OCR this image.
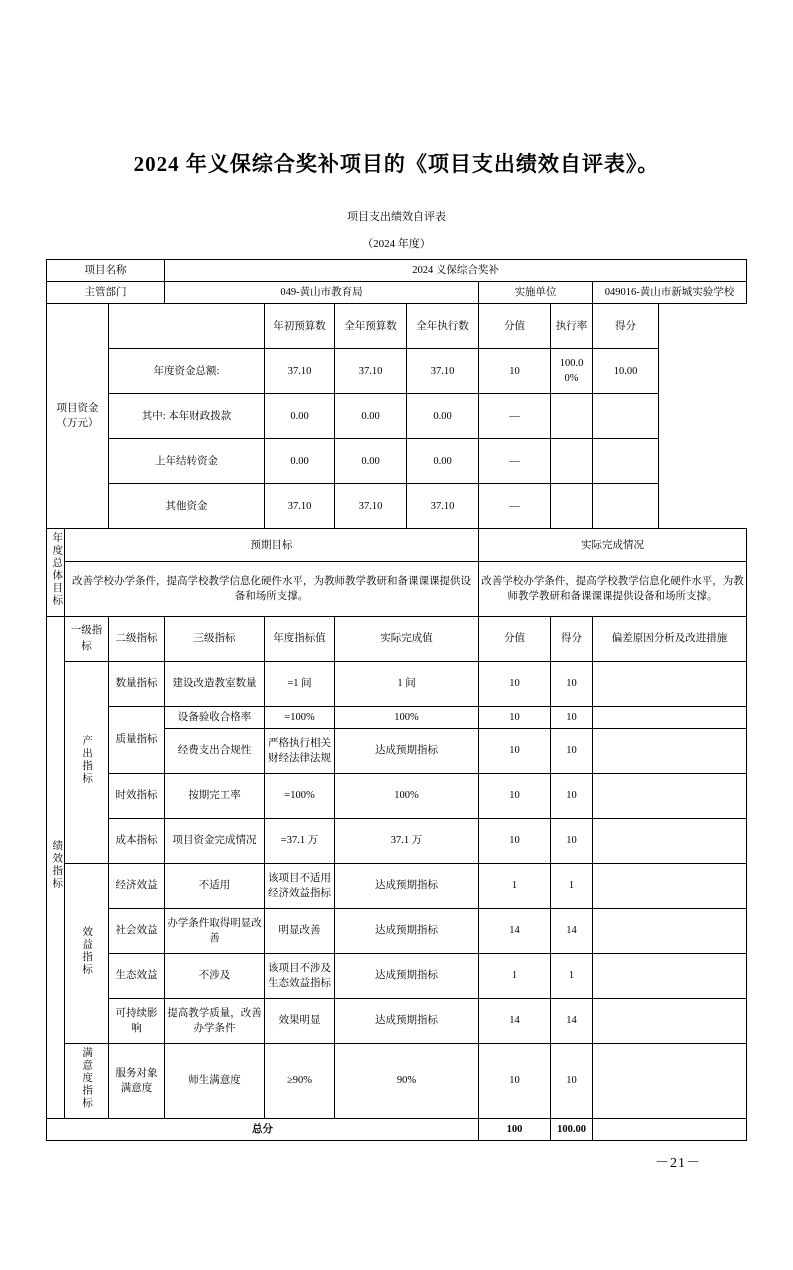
2024 年义保综合奖补项目的《项目支出绩效自评表》。
项目支出绩效自评表
（2024 年度）
项目名称			2024 义保综合奖补						
主管部门			049-黄山市教育局				实施单位		049016-黄山市新城实验学校

项目资金
（万元）				年初预算数	全年预算数	全年执行数	分值	执行率	得分
		年度资金总额:		37.10	37.10	37.10	10	100.00%	10.00
		其中: 本年财政拨款		0.00	0.00	0.00	—		
		上年结转资金		0.00	0.00	0.00	—		
		其他资金		37.10	37.10	37.10	—		
年度总体目标	预期目标						实际完成情况		
	改善学校办学条件，提高学校教学信息化硬件水平，为教师教学教研和备课课课提供设备和场所支撑。						改善学校办学条件，提高学校教学信息化硬件水平，为教师教学教研和备课课课提供设备和场所支撑。		
绩效指标	一级指标	二级指标	三级指标	年度指标值	实际完成值		分值	得分	偏差原因分析及改进措施
	产出指标	数量指标	建设改造教室数量	=1 间	1 间		10	10	
		质量指标	设备验收合格率	=100%	100%		10	10	
			经费支出合规性	严格执行相关财经法律法规	达成预期指标		10	10	
		时效指标	按期完工率	=100%	100%		10	10	
		成本指标	项目资金完成情况	=37.1 万	37.1 万		10	10	
	效益指标	经济效益	不适用	该项目不适用经济效益指标	达成预期指标		1	1	
		社会效益	办学条件取得明显改善	明显改善	达成预期指标		14	14	
		生态效益	不涉及	该项目不涉及生态效益指标	达成预期指标		1	1	
		可持续影响	提高教学质量，改善办学条件	效果明显	达成预期指标		14	14	
	满意度指标	服务对象满意度	师生满意度	≥90%	90%		10	10	
总分							100	100.00	
－21－
